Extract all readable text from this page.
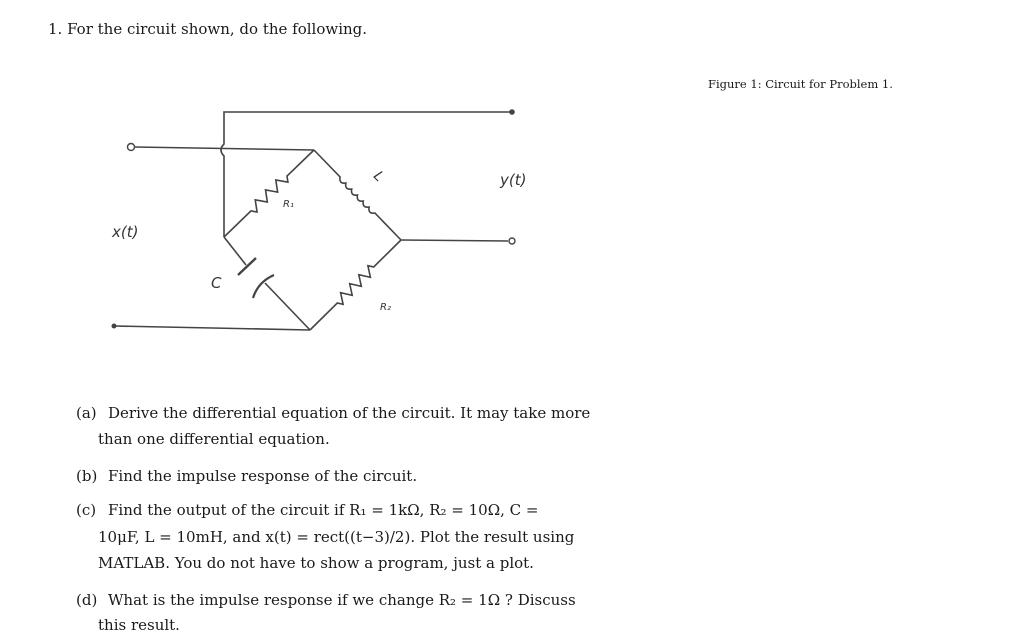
1. For the circuit shown, do the following.
Figure 1: Circuit for Problem 1.
x(t)
y(t)
R₁
L
C
R₂
(a) Derive the differential equation of the circuit. It may take more
than one differential equation.
(b) Find the impulse response of the circuit.
(c) Find the output of the circuit if R₁ = 1kΩ, R₂ = 10Ω, C =
10μF, L = 10mH, and x(t) = rect((t−3)/2). Plot the result using
MATLAB. You do not have to show a program, just a plot.
(d) What is the impulse response if we change R₂ = 1Ω ? Discuss
this result.
